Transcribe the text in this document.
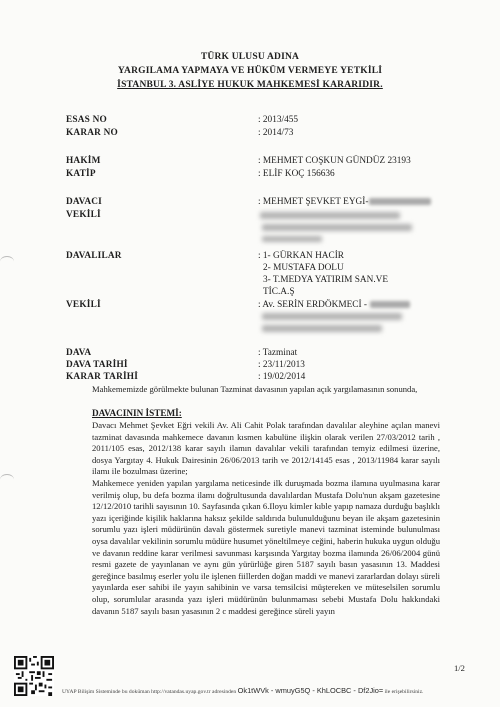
TÜRK ULUSU ADINA
YARGILAMA YAPMAYA VE HÜKÜM VERMEYE YETKİLİ
İSTANBUL 3. ASLİYE HUKUK MAHKEMESİ KARARIDIR.
ESAS NO	: 2013/455
KARAR NO	: 2014/73
HAKİM	: MEHMET COŞKUN GÜNDÜZ 23193
KATİP	: ELİF KOÇ 156636
DAVACI	: MEHMET ŞEVKET EYGİ-
VEKİLİ
DAVALILAR	: 1- GÜRKAN HACİR
2- MUSTAFA DOLU
3- T.MEDYA YATIRIM SAN.VE
TİC.A.Ş
VEKİLİ	: Av. SERİN ERDÖKMECİ -
DAVA	: Tazminat
DAVA TARİHİ	: 23/11/2013
KARAR TARİHİ	: 19/02/2014
Mahkememizde görülmekte bulunan Tazminat davasının yapılan açık yargılamasının sonunda,
DAVACININ İSTEMİ:
Davacı Mehmet Şevket Eğri vekili Av. Ali Cahit Polak tarafından davalılar aleyhine açılan manevi tazminat davasında mahkemece davanın kısmen kabulüne ilişkin olarak verilen 27/03/2012 tarih , 2011/105 esas, 2012/138 karar sayılı ilamın davalılar vekili tarafından temyiz edilmesi üzerine, dosya Yargıtay 4. Hukuk Dairesinin 26/06/2013 tarih ve 2012/14145 esas , 2013/11984 karar sayılı ilamı ile bozulması üzerine;
Mahkemece yeniden yapılan yargılama neticesinde ilk duruşmada bozma ilamına uyulmasına karar verilmiş olup, bu defa bozma ilamı doğrultusunda davalılardan Mustafa Dolu'nun akşam gazetesine 12/12/2010 tarihli sayısının 10. Sayfasında çıkan 6.Iloyu kimler kıble yapıp namaza durduğu başlıklı yazı içeriğinde kişilik haklarına haksız şekilde saldırıda bulunulduğunu beyan ile akşam gazetesinin sorumlu yazı işleri müdürünün davalı göstermek suretiyle manevi tazminat isteminde bulunulması oysa davalılar vekilinin sorumlu müdüre husumet yöneltilmeye ceğini, haberin hukuka uygun olduğu ve davanın reddine karar verilmesi savunması karşısında Yargıtay bozma ilamında 26/06/2004 günü resmi gazete de yayınlanan ve aynı gün yürürlüğe giren 5187 sayılı basın yasasının 13. Maddesi gereğince basılmış eserler yolu ile işlenen fiillerden doğan maddi ve manevi zararlardan dolayı süreli yayınlarda eser sahibi ile yayın sahibinin ve varsa temsilcisi müştereken ve müteselsilen sorumlu olup, sorumlular arasında yazı işleri müdürünün bulunmaması sebebi Mustafa Dolu hakkındaki davanın 5187 sayılı basın yasasının 2 c maddesi gereğince süreli yayın
1/2
UYAP Bilişim Sisteminde bu doküman http://vatandas.uyap.gov.tr adresinden Ok1tWVk - wmuyG5Q - KhLOCBC - Df2Jio= ile erişebilirsiniz.
